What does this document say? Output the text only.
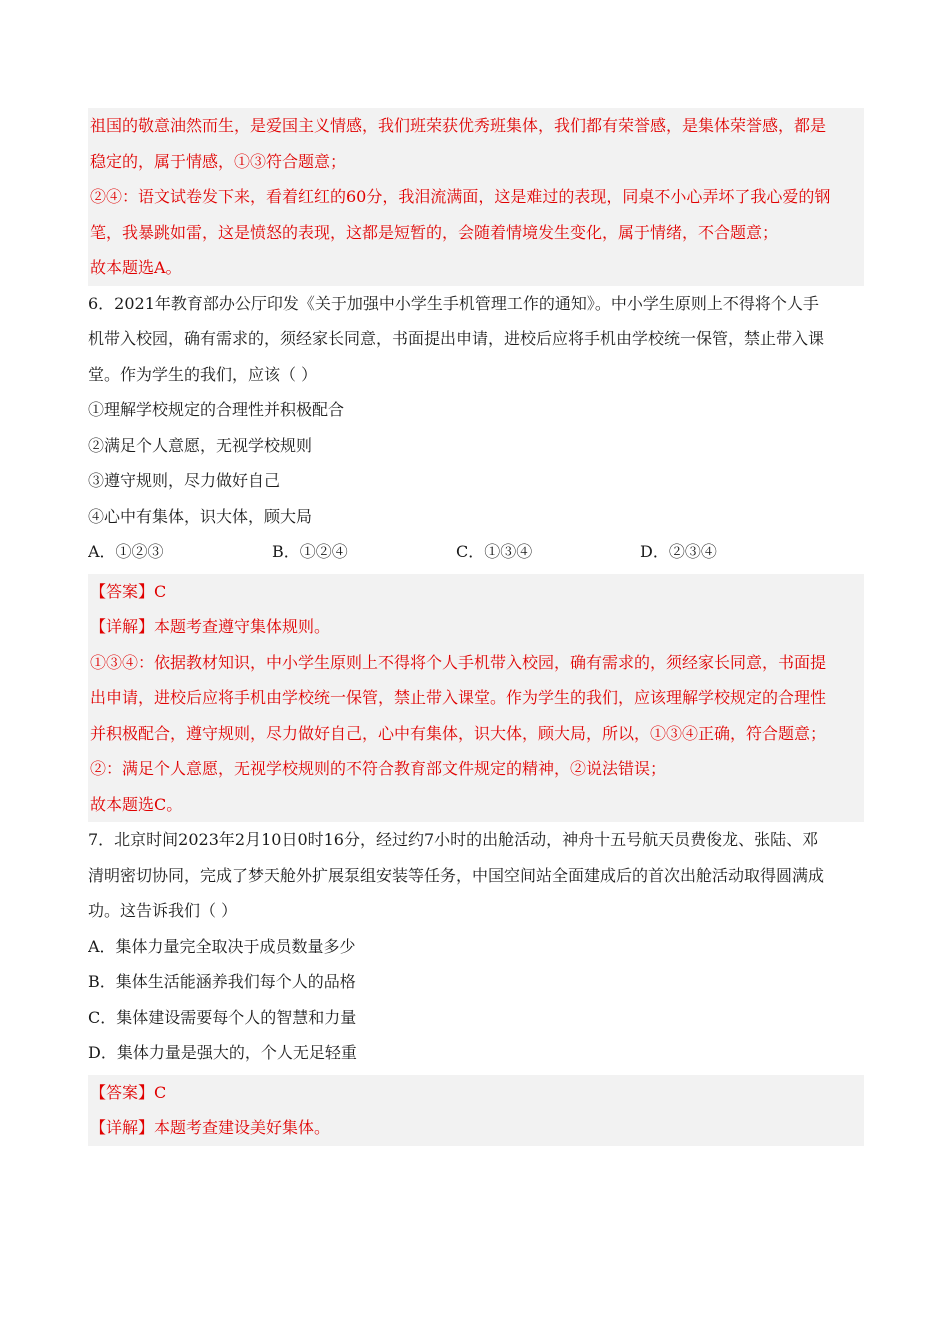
祖国的敬意油然而生，是爱国主义情感，我们班荣获优秀班集体，我们都有荣誉感，是集体荣誉感，都是
稳定的，属于情感，①③符合题意；
②④：语文试卷发下来，看着红红的60分，我泪流满面，这是难过的表现，同桌不小心弄坏了我心爱的钢
笔，我暴跳如雷，这是愤怒的表现，这都是短暂的，会随着情境发生变化，属于情绪，不合题意；
故本题选A。
6．2021年教育部办公厅印发《关于加强中小学生手机管理工作的通知》。中小学生原则上不得将个人手
机带入校园，确有需求的，须经家长同意，书面提出申请，进校后应将手机由学校统一保管，禁止带入课
堂。作为学生的我们，应该（ ）
①理解学校规定的合理性并积极配合
②满足个人意愿，无视学校规则
③遵守规则，尽力做好自己
④心中有集体，识大体，顾大局
A．①②③	B．①②④	C．①③④	D．②③④
【答案】C
【详解】本题考查遵守集体规则。
①③④：依据教材知识，中小学生原则上不得将个人手机带入校园，确有需求的，须经家长同意，书面提
出申请，进校后应将手机由学校统一保管，禁止带入课堂。作为学生的我们，应该理解学校规定的合理性
并积极配合，遵守规则，尽力做好自己，心中有集体，识大体，顾大局，所以，①③④正确，符合题意；
②：满足个人意愿，无视学校规则的不符合教育部文件规定的精神，②说法错误；
故本题选C。
7．北京时间2023年2月10日0时16分，经过约7小时的出舱活动，神舟十五号航天员费俊龙、张陆、邓
清明密切协同，完成了梦天舱外扩展泵组安装等任务，中国空间站全面建成后的首次出舱活动取得圆满成
功。这告诉我们（ ）
A．集体力量完全取决于成员数量多少
B．集体生活能涵养我们每个人的品格
C．集体建设需要每个人的智慧和力量
D．集体力量是强大的，个人无足轻重
【答案】C
【详解】本题考查建设美好集体。
